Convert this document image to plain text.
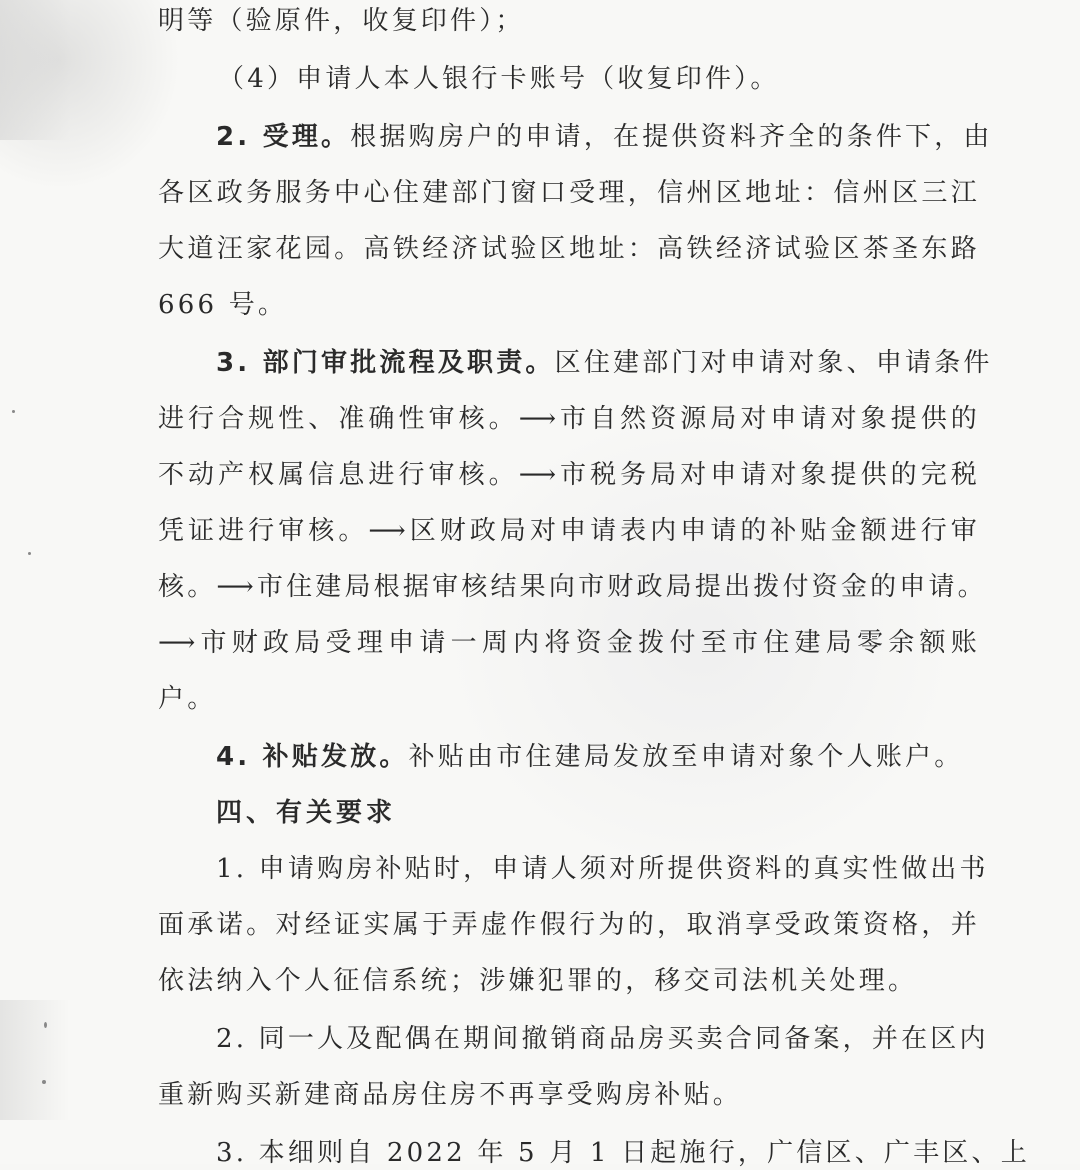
明等（验原件，收复印件）；
（4）申请人本人银行卡账号（收复印件）。
2. 受理。根据购房户的申请，在提供资料齐全的条件下，由
各区政务服务中心住建部门窗口受理，信州区地址：信州区三江
大道汪家花园。高铁经济试验区地址：高铁经济试验区茶圣东路
666 号。
3. 部门审批流程及职责。区住建部门对申请对象、申请条件
进行合规性、准确性审核。⟶市自然资源局对申请对象提供的
不动产权属信息进行审核。⟶市税务局对申请对象提供的完税
凭证进行审核。⟶区财政局对申请表内申请的补贴金额进行审
核。⟶市住建局根据审核结果向市财政局提出拨付资金的申请。
⟶市财政局受理申请一周内将资金拨付至市住建局零余额账
户。
4. 补贴发放。补贴由市住建局发放至申请对象个人账户。
四、有关要求
1. 申请购房补贴时，申请人须对所提供资料的真实性做出书
面承诺。对经证实属于弄虚作假行为的，取消享受政策资格，并
依法纳入个人征信系统；涉嫌犯罪的，移交司法机关处理。
2. 同一人及配偶在期间撤销商品房买卖合同备案，并在区内
重新购买新建商品房住房不再享受购房补贴。
3. 本细则自 2022 年 5 月 1 日起施行，广信区、广丰区、上
